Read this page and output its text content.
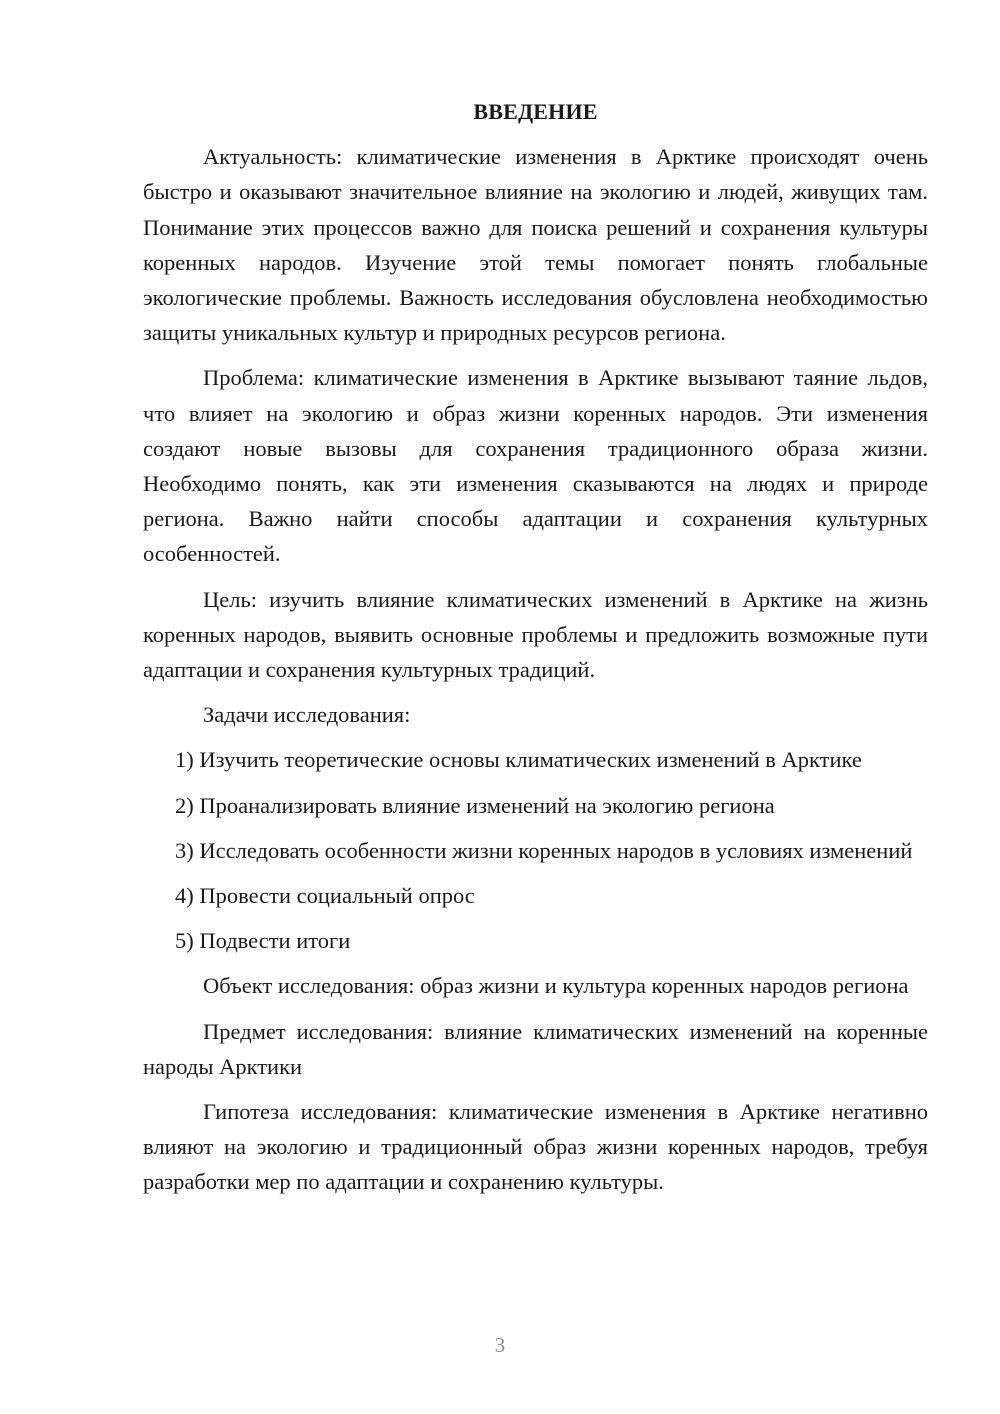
ВВЕДЕНИЕ

Актуальность: климатические изменения в Арктике происходят очень быстро и оказывают значительное влияние на экологию и людей, живущих там. Понимание этих процессов важно для поиска решений и сохранения культуры коренных народов. Изучение этой темы помогает понять глобальные экологические проблемы. Важность исследования обусловлена необходимостью защиты уникальных культур и природных ресурсов региона.

Проблема: климатические изменения в Арктике вызывают таяние льдов, что влияет на экологию и образ жизни коренных народов. Эти изменения создают новые вызовы для сохранения традиционного образа жизни. Необходимо понять, как эти изменения сказываются на людях и природе региона. Важно найти способы адаптации и сохранения культурных особенностей.

Цель: изучить влияние климатических изменений в Арктике на жизнь коренных народов, выявить основные проблемы и предложить возможные пути адаптации и сохранения культурных традиций.

Задачи исследования:

1) Изучить теоретические основы климатических изменений в Арктике

2) Проанализировать влияние изменений на экологию региона

3) Исследовать особенности жизни коренных народов в условиях изменений

4) Провести социальный опрос

5) Подвести итоги

Объект исследования: образ жизни и культура коренных народов региона

Предмет исследования: влияние климатических изменений на коренные народы Арктики

Гипотеза исследования: климатические изменения в Арктике негативно влияют на экологию и традиционный образ жизни коренных народов, требуя разработки мер по адаптации и сохранению культуры.

3
